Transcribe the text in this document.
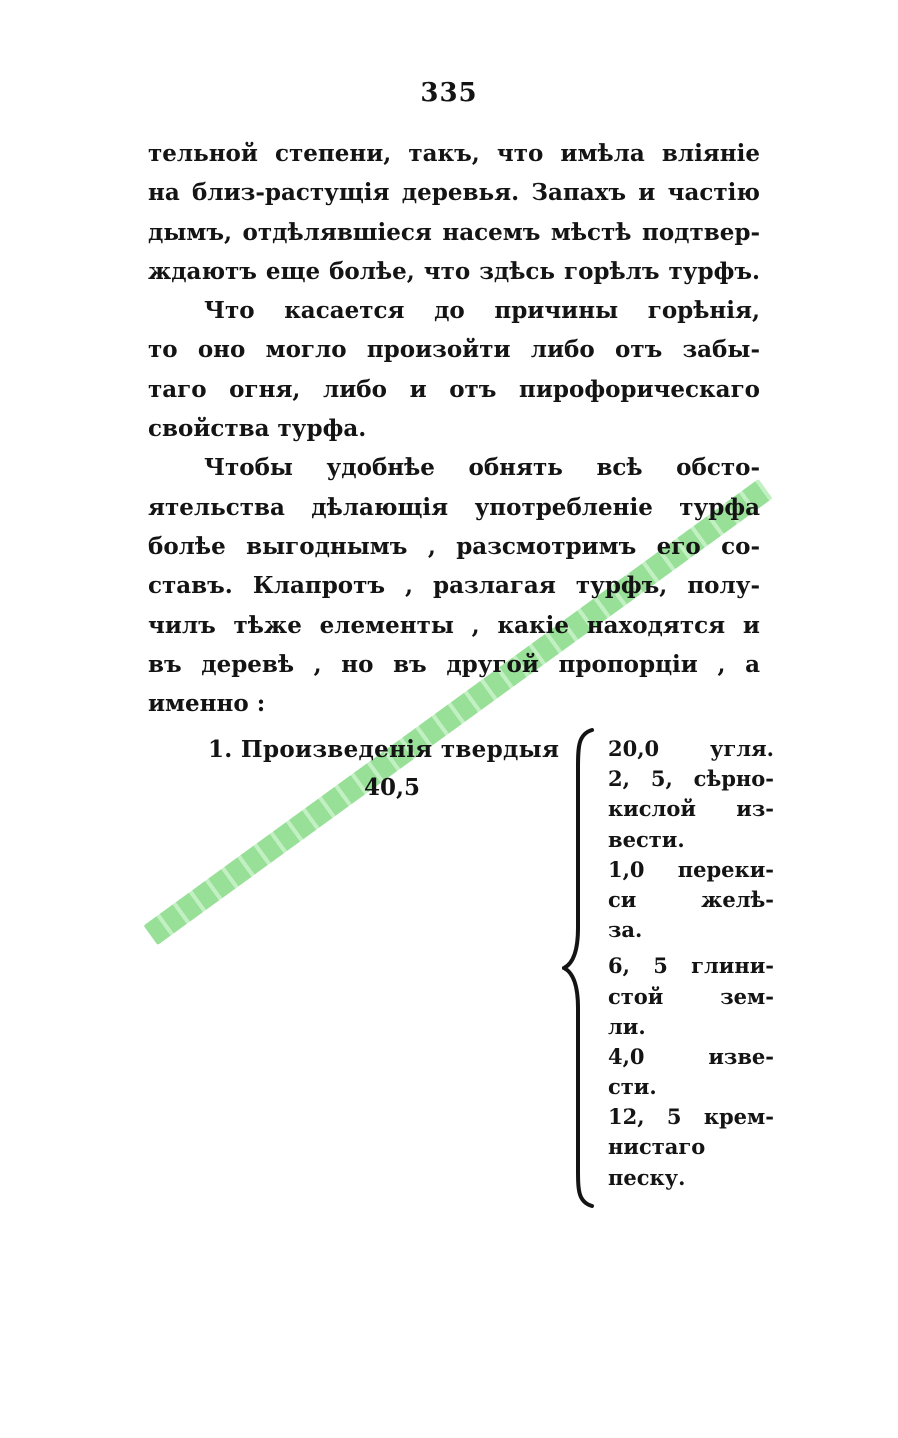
335
тельной степени, такъ, что имѣла влiянie
на близ-растущiя деревья. Запахъ и частiю
дымъ, отдѣлявшiеся насемъ мѣстѣ подтвер-
ждаютъ еще болѣе, что здѣсь горѣлъ турфъ.
Что касается до причины горѣнiя,
то оно могло произойти либо отъ забы-
таго огня, либо и отъ пирофорическаго
свойства турфа.
Чтобы удобнѣе обнять всѣ обсто-
ятельства дѣлающiя употребленiе турфа
болѣе выгоднымъ , разсмотримъ его со-
ставъ. Клапротъ , разлагая турфъ, полу-
чилъ тѣже елементы , какie находятся и
въ деревѣ , но въ другой пропорцiи , а
именно :
1. Произведенiя твердыя
40,5
20,0 угля.
2, 5, сѣрно-
кислой из-
вести.
1,0 перeки-
си желѣ-
за.
6, 5 глини-
стой зем-
ли.
4,0 изве-
сти.
12, 5 крем-
нистаго
песку.
